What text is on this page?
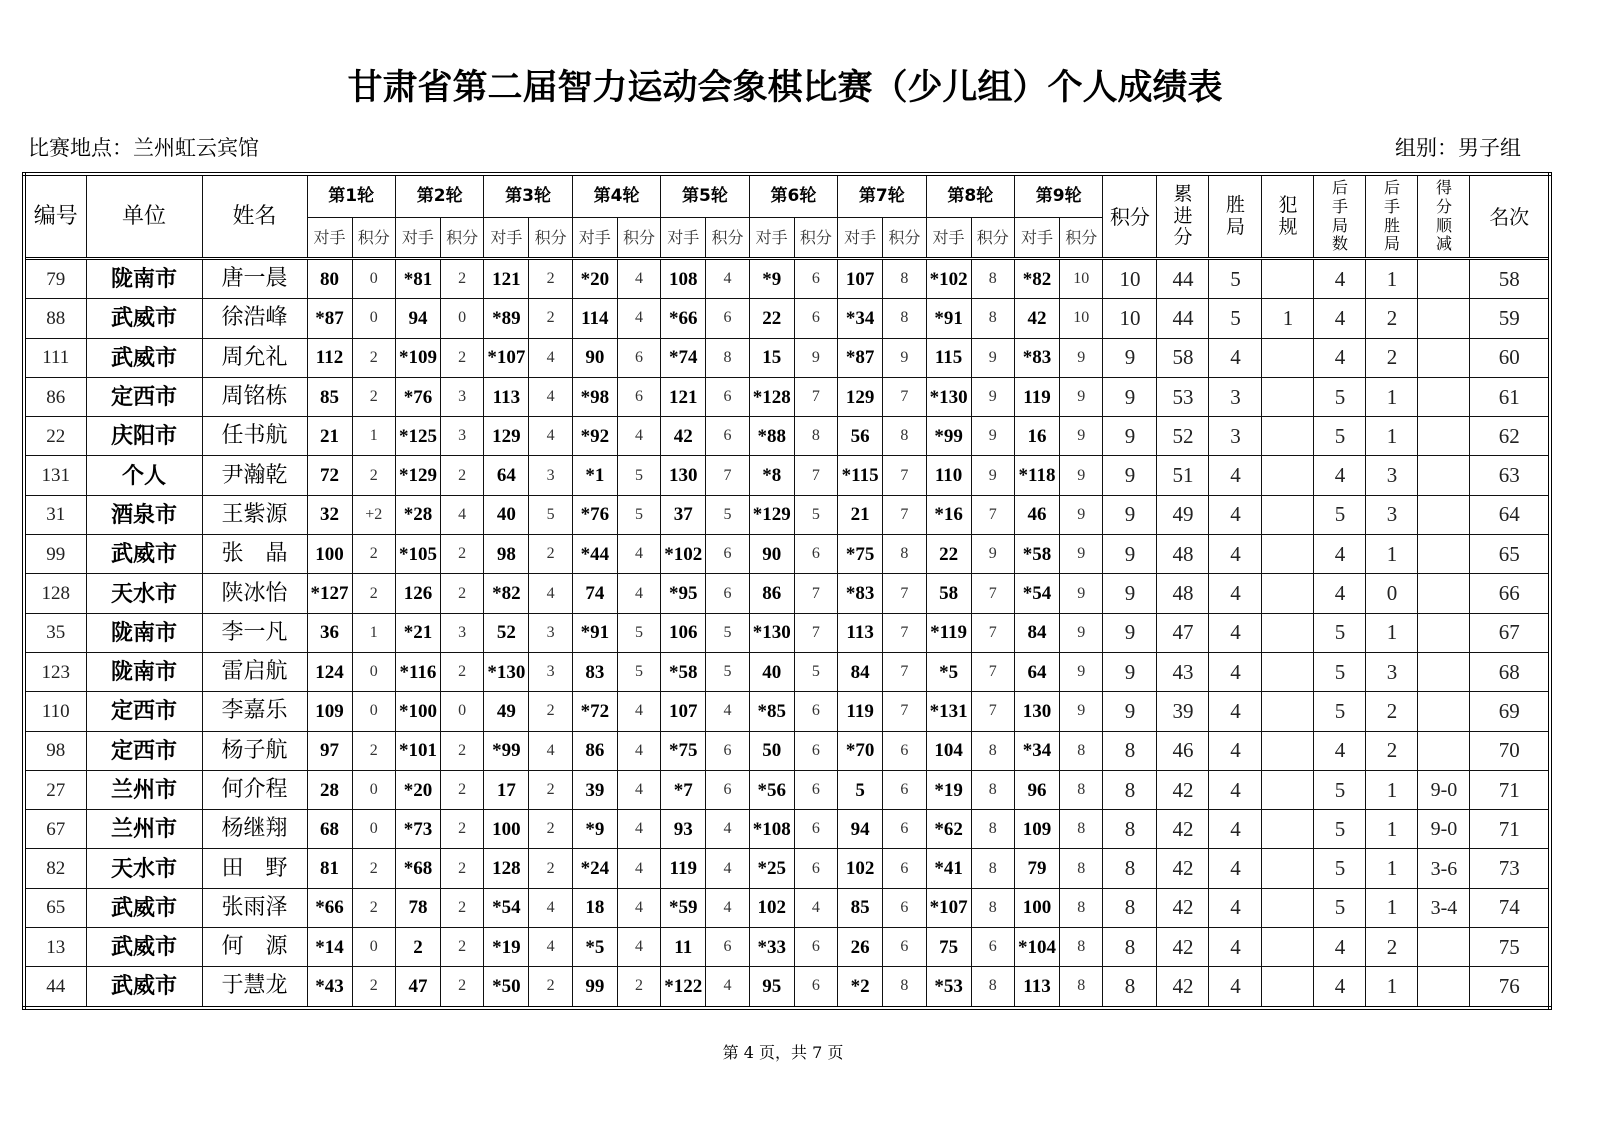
甘肃省第二届智力运动会象棋比赛（少儿组）个人成绩表
比赛地点：兰州虹云宾馆	组别：男子组
编号	单位	姓名	第1轮		第2轮		第3轮		第4轮		第5轮		第6轮		第7轮		第8轮		第9轮		积分	累进分	胜局	犯规	后手局数	后手胜局	得分顺减	名次
			对手	积分	对手	积分	对手	积分	对手	积分	对手	积分	对手	积分	对手	积分	对手	积分	对手	积分								
79	陇南市	唐一晨	80	0	*81	2	121	2	*20	4	108	4	*9	6	107	8	*102	8	*82	10	10	44	5		4	1		58
88	武威市	徐浩峰	*87	0	94	0	*89	2	114	4	*66	6	22	6	*34	8	*91	8	42	10	10	44	5	1	4	2		59
111	武威市	周允礼	112	2	*109	2	*107	4	90	6	*74	8	15	9	*87	9	115	9	*83	9	9	58	4		4	2		60
86	定西市	周铭栋	85	2	*76	3	113	4	*98	6	121	6	*128	7	129	7	*130	9	119	9	9	53	3		5	1		61
22	庆阳市	任书航	21	1	*125	3	129	4	*92	4	42	6	*88	8	56	8	*99	9	16	9	9	52	3		5	1		62
131	个人	尹瀚乾	72	2	*129	2	64	3	*1	5	130	7	*8	7	*115	7	110	9	*118	9	9	51	4		4	3		63
31	酒泉市	王紫源	32	+2	*28	4	40	5	*76	5	37	5	*129	5	21	7	*16	7	46	9	9	49	4		5	3		64
99	武威市	张　晶	100	2	*105	2	98	2	*44	4	*102	6	90	6	*75	8	22	9	*58	9	9	48	4		4	1		65
128	天水市	陕冰怡	*127	2	126	2	*82	4	74	4	*95	6	86	7	*83	7	58	7	*54	9	9	48	4		4	0		66
35	陇南市	李一凡	36	1	*21	3	52	3	*91	5	106	5	*130	7	113	7	*119	7	84	9	9	47	4		5	1		67
123	陇南市	雷启航	124	0	*116	2	*130	3	83	5	*58	5	40	5	84	7	*5	7	64	9	9	43	4		5	3		68
110	定西市	李嘉乐	109	0	*100	0	49	2	*72	4	107	4	*85	6	119	7	*131	7	130	9	9	39	4		5	2		69
98	定西市	杨子航	97	2	*101	2	*99	4	86	4	*75	6	50	6	*70	6	104	8	*34	8	8	46	4		4	2		70
27	兰州市	何介程	28	0	*20	2	17	2	39	4	*7	6	*56	6	5	6	*19	8	96	8	8	42	4		5	1	9-0	71
67	兰州市	杨继翔	68	0	*73	2	100	2	*9	4	93	4	*108	6	94	6	*62	8	109	8	8	42	4		5	1	9-0	71
82	天水市	田　野	81	2	*68	2	128	2	*24	4	119	4	*25	6	102	6	*41	8	79	8	8	42	4		5	1	3-6	73
65	武威市	张雨泽	*66	2	78	2	*54	4	18	4	*59	4	102	4	85	6	*107	8	100	8	8	42	4		5	1	3-4	74
13	武威市	何　源	*14	0	2	2	*19	4	*5	4	11	6	*33	6	26	6	75	6	*104	8	8	42	4		4	2		75
44	武威市	于慧龙	*43	2	47	2	*50	2	99	2	*122	4	95	6	*2	8	*53	8	113	8	8	42	4		4	1		76
第 4 页，共 7 页
